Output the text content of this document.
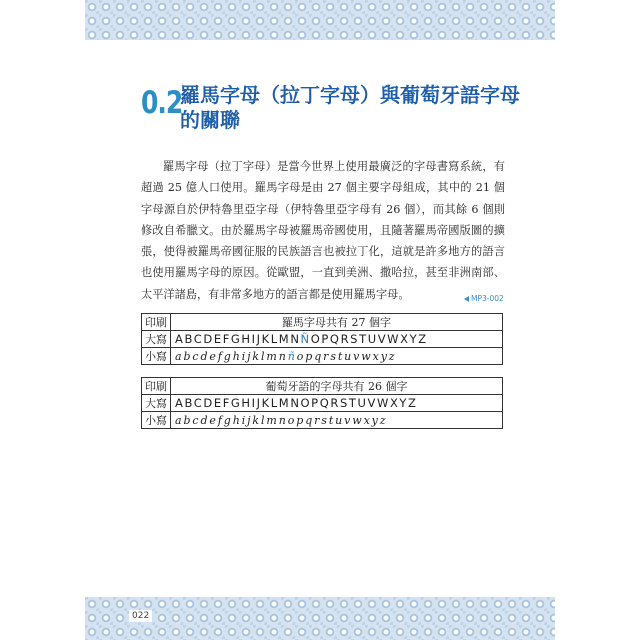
0.2
羅馬字母（拉丁字母）與葡萄牙語字母
的關聯
羅馬字母（拉丁字母）是當今世界上使用最廣泛的字母書寫系統，有超過 25 億人口使用。羅馬字母是由 27 個主要字母組成，其中的 21 個字母源自於伊特魯里亞字母（伊特魯里亞字母有 26 個），而其餘 6 個則修改自希臘文。由於羅馬字母被羅馬帝國使用，且隨著羅馬帝國版圖的擴張，使得被羅馬帝國征服的民族語言也被拉丁化，這就是許多地方的語言也使用羅馬字母的原因。從歐盟，一直到美洲、撒哈拉，甚至非洲南部、太平洋諸島，有非常多地方的語言都是使用羅馬字母。	MP3-002
印刷	羅馬字母共有 27 個字
大寫	ABCDEFGHIJKLMNÑOPQRSTUVWXYZ
小寫	abcdefghijklmnñopqrstuvwxyz
印刷	葡萄牙語的字母共有 26 個字
大寫	ABCDEFGHIJKLMNOPQRSTUVWXYZ
小寫	abcdefghijklmnopqrstuvwxyz
022
